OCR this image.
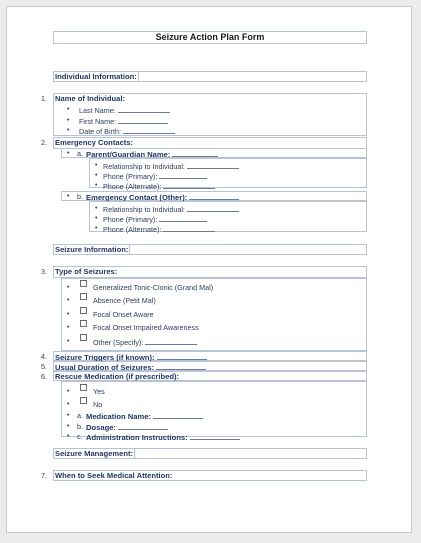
Seizure Action Plan Form
Individual Information:
1. Name of Individual:
• Last Name:
• First Name:
• Date of Birth:
2. Emergency Contacts:
• a. Parent/Guardian Name:
• Relationship to Individual:
• Phone (Primary):
• Phone (Alternate):
• b. Emergency Contact (Other):
• Relationship to Individual:
• Phone (Primary):
• Phone (Alternate):
Seizure Information:
3. Type of Seizures:
•	Generalized Tonic-Clonic (Grand Mal)
•	Absence (Petit Mal)
•	Focal Onset Aware
•	Focal Onset Impaired Awareness
•	Other (Specify):
4. Seizure Triggers (if known):
5. Usual Duration of Seizures:
6. Rescue Medication (if prescribed):
•	Yes
•	No
• a. Medication Name:
• b. Dosage:
• c. Administration Instructions:
Seizure Management:
7. When to Seek Medical Attention:
